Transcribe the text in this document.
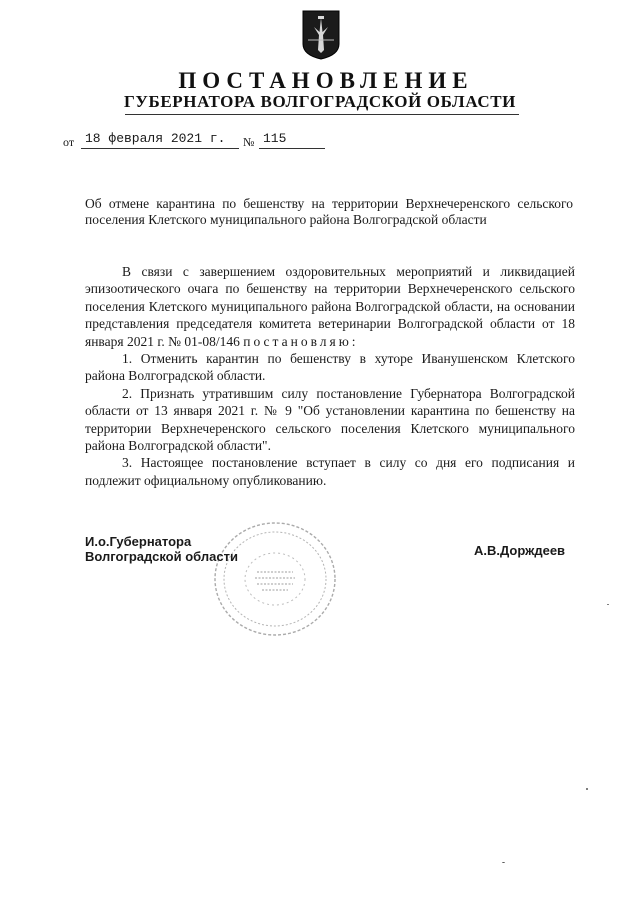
ПОСТАНОВЛЕНИЕ
ГУБЕРНАТОРА ВОЛГОГРАДСКОЙ ОБЛАСТИ
от 18 февраля 2021 г.	№ 115
Об отмене карантина по бешенству на территории Верхнечеренского сельского поселения Клетского муниципального района Волгоградской области

В связи с завершением оздоровительных мероприятий и ликвидацией эпизоотического очага по бешенству на территории Верхнечеренского сельского поселения Клетского муниципального района Волгоградской области, на основании представления председателя комитета ветеринарии Волгоградской области от 18 января 2021 г. № 01-08/146 постановляю:

1. Отменить карантин по бешенству в хуторе Иванушенском Клетского района Волгоградской области.

2. Признать утратившим силу постановление Губернатора Волгоградской области от 13 января 2021 г. № 9 "Об установлении карантина по бешенству на территории Верхнечеренского сельского поселения Клетского муниципального района Волгоградской области".

3. Настоящее постановление вступает в силу со дня его подписания и подлежит официальному опубликованию.

И.о.Губернатора
Волгоградской области	А.В.Дорждеев
